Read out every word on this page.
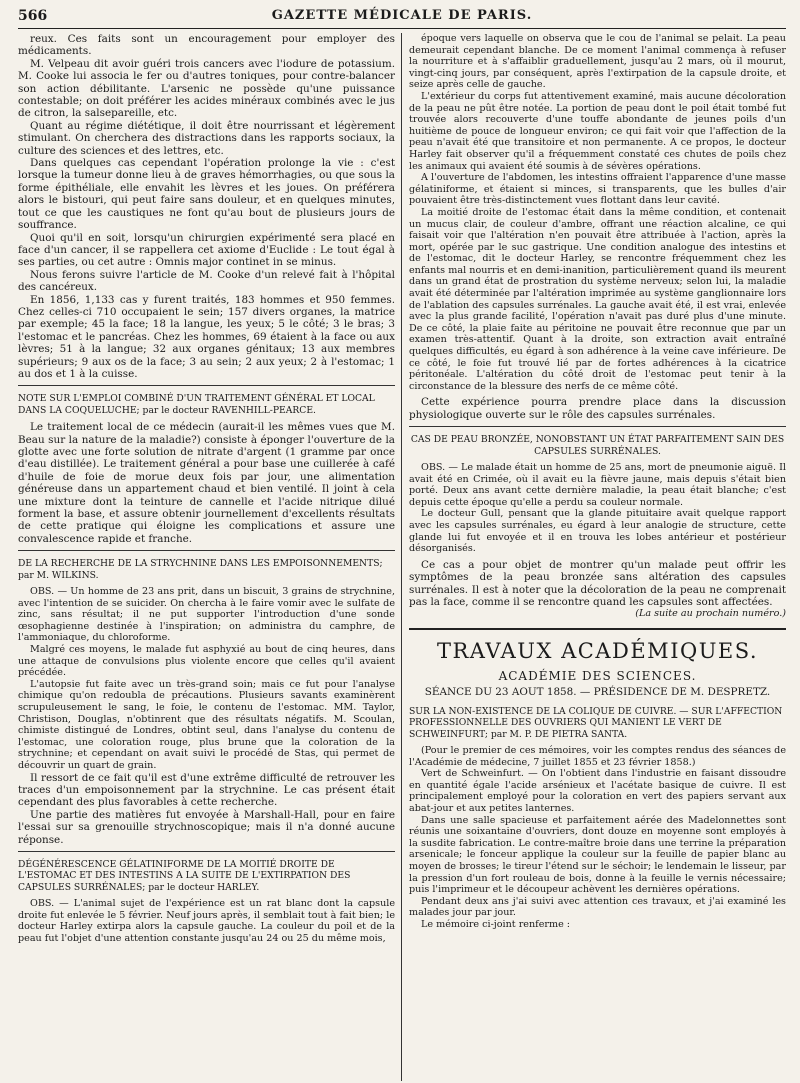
566	GAZETTE MÉDICALE DE PARIS.

reux. Ces faits sont un encouragement pour employer des médicaments.

M. Velpeau dit avoir guéri trois cancers avec l'iodure de potassium. M. Cooke lui associa le fer ou d'autres toniques, pour contre-balancer son action débilitante. L'arsenic ne possède qu'une puissance contestable; on doit préférer les acides minéraux combinés avec le jus de citron, la salsepareille, etc.

Quant au régime diététique, il doit être nourrissant et légèrement stimulant. On cherchera des distractions dans les rapports sociaux, la culture des sciences et des lettres, etc.

Dans quelques cas cependant l'opération prolonge la vie : c'est lorsque la tumeur donne lieu à de graves hémorrhagies, ou que sous la forme épithéliale, elle envahit les lèvres et les joues. On préférera alors le bistouri, qui peut faire sans douleur, et en quelques minutes, tout ce que les caustiques ne font qu'au bout de plusieurs jours de souffrance.

Quoi qu'il en soit, lorsqu'un chirurgien expérimenté sera placé en face d'un cancer, il se rappellera cet axiome d'Euclide : Le tout égal à ses parties, ou cet autre : Omnis major continet in se minus.

Nous ferons suivre l'article de M. Cooke d'un relevé fait à l'hôpital des cancéreux.

En 1856, 1,133 cas y furent traités, 183 hommes et 950 femmes. Chez celles-ci 710 occupaient le sein; 157 divers organes, la matrice par exemple; 45 la face; 18 la langue, les yeux; 5 le côté; 3 le bras; 3 l'estomac et le pancréas. Chez les hommes, 69 étaient à la face ou aux lèvres; 51 à la langue; 32 aux organes génitaux; 13 aux membres supérieurs; 9 aux os de la face; 3 au sein; 2 aux yeux; 2 à l'estomac; 1 au dos et 1 à la cuisse.

NOTE SUR L'EMPLOI COMBINÉ D'UN TRAITEMENT GÉNÉRAL ET LOCAL DANS LA COQUELUCHE; par le docteur RAVENHILL-PEARCE.

Le traitement local de ce médecin (aurait-il les mêmes vues que M. Beau sur la nature de la maladie?) consiste à éponger l'ouverture de la glotte avec une forte solution de nitrate d'argent (1 gramme par once d'eau distillée). Le traitement général a pour base une cuillerée à café d'huile de foie de morue deux fois par jour, une alimentation généreuse dans un appartement chaud et bien ventilé. Il joint à cela une mixture dont la teinture de cannelle et l'acide nitrique dilué forment la base, et assure obtenir journellement d'excellents résultats de cette pratique qui éloigne les complications et assure une convalescence rapide et franche.

DE LA RECHERCHE DE LA STRYCHNINE DANS LES EMPOISONNEMENTS; par M. WILKINS.

OBS. — Un homme de 23 ans prit, dans un biscuit, 3 grains de strychnine, avec l'intention de se suicider. On chercha à le faire vomir avec le sulfate de zinc, sans résultat; il ne put supporter l'introduction d'une sonde œsophagienne destinée à l'inspiration; on administra du camphre, de l'ammoniaque, du chloroforme.

Malgré ces moyens, le malade fut asphyxié au bout de cinq heures, dans une attaque de convulsions plus violente encore que celles qu'il avaient précédée.

L'autopsie fut faite avec un très-grand soin; mais ce fut pour l'analyse chimique qu'on redoubla de précautions. Plusieurs savants examinèrent scrupuleusement le sang, le foie, le contenu de l'estomac. MM. Taylor, Christison, Douglas, n'obtinrent que des résultats négatifs. M. Scoulan, chimiste distingué de Londres, obtint seul, dans l'analyse du contenu de l'estomac, une coloration rouge, plus brune que la coloration de la strychnine; et cependant on avait suivi le procédé de Stas, qui permet de découvrir un quart de grain.

Il ressort de ce fait qu'il est d'une extrême difficulté de retrouver les traces d'un empoisonnement par la strychnine. Le cas présent était cependant des plus favorables à cette recherche.

Une partie des matières fut envoyée à Marshall-Hall, pour en faire l'essai sur sa grenouille strychnoscopique; mais il n'a donné aucune réponse.

DÉGÉNÉRESCENCE GÉLATINIFORME DE LA MOITIÉ DROITE DE L'ESTOMAC ET DES INTESTINS A LA SUITE DE L'EXTIRPATION DES CAPSULES SURRÉNALES; par le docteur HARLEY.

OBS. — L'animal sujet de l'expérience est un rat blanc dont la capsule droite fut enlevée le 5 février. Neuf jours après, il semblait tout à fait bien; le docteur Harley extirpa alors la capsule gauche. La couleur du poil et de la peau fut l'objet d'une attention constante jusqu'au 24 ou 25 du même mois,

époque vers laquelle on observa que le cou de l'animal se pelait. La peau demeurait cependant blanche. De ce moment l'animal commença à refuser la nourriture et à s'affaiblir graduellement, jusqu'au 2 mars, où il mourut, vingt-cinq jours, par conséquent, après l'extirpation de la capsule droite, et seize après celle de gauche.

L'extérieur du corps fut attentivement examiné, mais aucune décoloration de la peau ne pût être notée. La portion de peau dont le poil était tombé fut trouvée alors recouverte d'une touffe abondante de jeunes poils d'un huitième de pouce de longueur environ; ce qui fait voir que l'affection de la peau n'avait été que transitoire et non permanente. A ce propos, le docteur Harley fait observer qu'il a fréquemment constaté ces chutes de poils chez les animaux qui avaient été soumis à de sévères opérations.

A l'ouverture de l'abdomen, les intestins offraient l'apparence d'une masse gélatiniforme, et étaient si minces, si transparents, que les bulles d'air pouvaient être très-distinctement vues flottant dans leur cavité.

La moitié droite de l'estomac était dans la même condition, et contenait un mucus clair, de couleur d'ambre, offrant une réaction alcaline, ce qui faisait voir que l'altération n'en pouvait être attribuée à l'action, après la mort, opérée par le suc gastrique. Une condition analogue des intestins et de l'estomac, dit le docteur Harley, se rencontre fréquemment chez les enfants mal nourris et en demi-inanition, particulièrement quand ils meurent dans un grand état de prostration du système nerveux; selon lui, la maladie avait été déterminée par l'altération imprimée au système ganglionnaire lors de l'ablation des capsules surrénales. La gauche avait été, il est vrai, enlevée avec la plus grande facilité, l'opération n'avait pas duré plus d'une minute. De ce côté, la plaie faite au péritoine ne pouvait être reconnue que par un examen très-attentif. Quant à la droite, son extraction avait entraîné quelques difficultés, eu égard à son adhérence à la veine cave inférieure. De ce côté, le foie fut trouvé lié par de fortes adhérences à la cicatrice péritonéale. L'altération du côté droit de l'estomac peut tenir à la circonstance de la blessure des nerfs de ce même côté.

Cette expérience pourra prendre place dans la discussion physiologique ouverte sur le rôle des capsules surrénales.

CAS DE PEAU BRONZÉE, NONOBSTANT UN ÉTAT PARFAITEMENT SAIN DES CAPSULES SURRÉNALES.

OBS. — Le malade était un homme de 25 ans, mort de pneumonie aiguë. Il avait été en Crimée, où il avait eu la fièvre jaune, mais depuis s'était bien porté. Deux ans avant cette dernière maladie, la peau était blanche; c'est depuis cette époque qu'elle a perdu sa couleur normale.

Le docteur Gull, pensant que la glande pituitaire avait quelque rapport avec les capsules surrénales, eu égard à leur analogie de structure, cette glande lui fut envoyée et il en trouva les lobes antérieur et postérieur désorganisés.

Ce cas a pour objet de montrer qu'un malade peut offrir les symptômes de la peau bronzée sans altération des capsules surrénales. Il est à noter que la décoloration de la peau ne comprenait pas la face, comme il se rencontre quand les capsules sont affectées.

(La suite au prochain numéro.)
TRAVAUX ACADÉMIQUES.
ACADÉMIE DES SCIENCES.
SÉANCE DU 23 AOUT 1858. — PRÉSIDENCE DE M. DESPRETZ.
SUR LA NON-EXISTENCE DE LA COLIQUE DE CUIVRE. — SUR L'AFFECTION PROFESSIONNELLE DES OUVRIERS QUI MANIENT LE VERT DE SCHWEINFURT; par M. P. DE PIETRA SANTA.

(Pour le premier de ces mémoires, voir les comptes rendus des séances de l'Académie de médecine, 7 juillet 1855 et 23 février 1858.)

Vert de Schweinfurt. — On l'obtient dans l'industrie en faisant dissoudre en quantité égale l'acide arsénieux et l'acétate basique de cuivre. Il est principalement employé pour la coloration en vert des papiers servant aux abat-jour et aux petites lanternes.

Dans une salle spacieuse et parfaitement aérée des Madelonnettes sont réunis une soixantaine d'ouvriers, dont douze en moyenne sont employés à la susdite fabrication. Le contre-maître broie dans une terrine la préparation arsenicale; le fonceur applique la couleur sur la feuille de papier blanc au moyen de brosses; le tireur l'étend sur le séchoir; le lendemain le lisseur, par la pression d'un fort rouleau de bois, donne à la feuille le vernis nécessaire; puis l'imprimeur et le découpeur achèvent les dernières opérations.

Pendant deux ans j'ai suivi avec attention ces travaux, et j'ai examiné les malades jour par jour.

Le mémoire ci-joint renferme :
